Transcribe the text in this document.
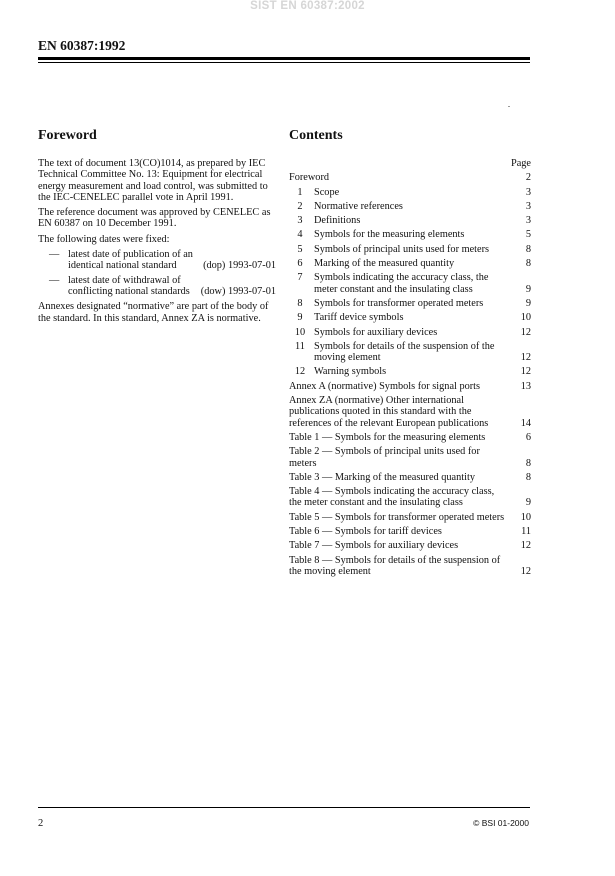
SIST EN 60387:2002
EN 60387:1992
Foreword

The text of document 13(CO)1014, as prepared by IEC Technical Committee No. 13: Equipment for electrical energy measurement and load control, was submitted to the IEC-CENELEC parallel vote in April 1991.

The reference document was approved by CENELEC as EN 60387 on 10 December 1991.

The following dates were fixed:

— latest date of publication of an identical national standard	(dop) 1993-07-01
— latest date of withdrawal of conflicting national standards	(dow) 1993-07-01

Annexes designated “normative” are part of the body of the standard. In this standard, Annex ZA is normative.

Contents
Page
Foreword	2
1	Scope	3
2	Normative references	3
3	Definitions	3
4	Symbols for the measuring elements	5
5	Symbols of principal units used for meters	8
6	Marking of the measured quantity	8
7	Symbols indicating the accuracy class, the meter constant and the insulating class	9
8	Symbols for transformer operated meters	9
9	Tariff device symbols	10
10 Symbols for auxiliary devices	12
11 Symbols for details of the suspension of the moving element	12
12 Warning symbols	12
Annex A (normative) Symbols for signal ports	13
Annex ZA (normative) Other international publications quoted in this standard with the references of the relevant European publications	14
Table 1 — Symbols for the measuring elements	6
Table 2 — Symbols of principal units used for meters	8
Table 3 — Marking of the measured quantity	8
Table 4 — Symbols indicating the accuracy class, the meter constant and the insulating class	9
Table 5 — Symbols for transformer operated meters	10
Table 6 — Symbols for tariff devices	11
Table 7 — Symbols for auxiliary devices	12
Table 8 — Symbols for details of the suspension of the moving element	12
2	© BSI 01-2000
